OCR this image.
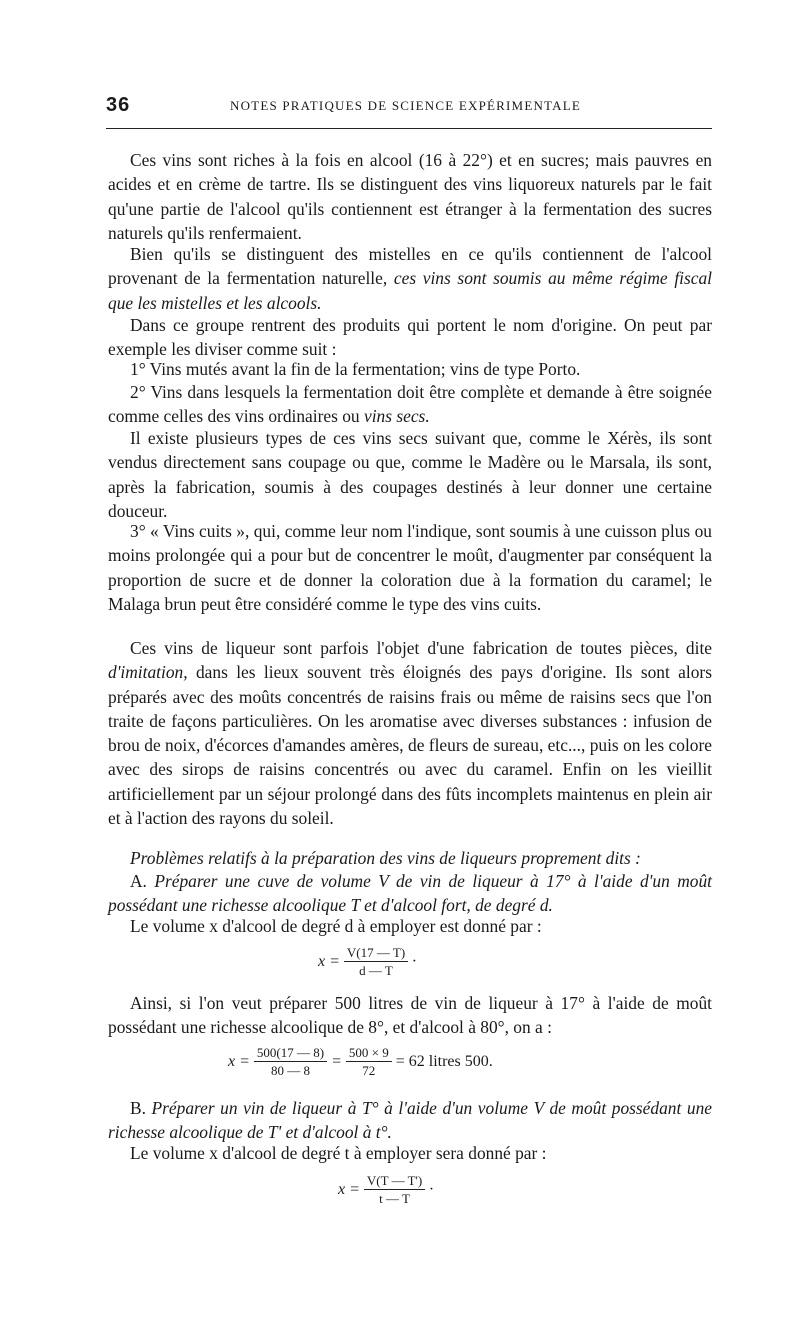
36	NOTES PRATIQUES DE SCIENCE EXPÉRIMENTALE

Ces vins sont riches à la fois en alcool (16 à 22°) et en sucres; mais pauvres en acides et en crème de tartre. Ils se distinguent des vins liquoreux naturels par le fait qu'une partie de l'alcool qu'ils contiennent est étranger à la fermentation des sucres naturels qu'ils renfermaient.

Bien qu'ils se distinguent des mistelles en ce qu'ils contiennent de l'alcool provenant de la fermentation naturelle, ces vins sont soumis au même régime fiscal que les mistelles et les alcools.

Dans ce groupe rentrent des produits qui portent le nom d'origine. On peut par exemple les diviser comme suit :

1° Vins mutés avant la fin de la fermentation; vins de type Porto.

2° Vins dans lesquels la fermentation doit être complète et demande à être soignée comme celles des vins ordinaires ou vins secs.

Il existe plusieurs types de ces vins secs suivant que, comme le Xérès, ils sont vendus directement sans coupage ou que, comme le Madère ou le Marsala, ils sont, après la fabrication, soumis à des coupages destinés à leur donner une certaine douceur.

3° « Vins cuits », qui, comme leur nom l'indique, sont soumis à une cuisson plus ou moins prolongée qui a pour but de concentrer le moût, d'augmenter par conséquent la proportion de sucre et de donner la coloration due à la formation du caramel; le Malaga brun peut être considéré comme le type des vins cuits.

Ces vins de liqueur sont parfois l'objet d'une fabrication de toutes pièces, dite d'imitation, dans les lieux souvent très éloignés des pays d'origine. Ils sont alors préparés avec des moûts concentrés de raisins frais ou même de raisins secs que l'on traite de façons particulières. On les aromatise avec diverses substances : infusion de brou de noix, d'écorces d'amandes amères, de fleurs de sureau, etc..., puis on les colore avec des sirops de raisins concentrés ou avec du caramel. Enfin on les vieillit artificiellement par un séjour prolongé dans des fûts incomplets maintenus en plein air et à l'action des rayons du soleil.

Problèmes relatifs à la préparation des vins de liqueurs proprement dits :

A. Préparer une cuve de volume V de vin de liqueur à 17° à l'aide d'un moût possédant une richesse alcoolique T et d'alcool fort, de degré d.

Le volume x d'alcool de degré d à employer est donné par :

$x = \frac{V(17 — T)}{d — T}$ ·

Ainsi, si l'on veut préparer 500 litres de vin de liqueur à 17° à l'aide de moût possédant une richesse alcoolique de 8°, et d'alcool à 80°, on a :

$x = \frac{500(17 — 8)}{80 — 8} = \frac{500 \times 9}{72} = 62$ litres 500.

B. Préparer un vin de liqueur à T° à l'aide d'un volume V de moût possédant une richesse alcoolique de T' et d'alcool à t°.

Le volume x d'alcool de degré t à employer sera donné par :

$x = \frac{V(T — T')}{t — T}$ ·
